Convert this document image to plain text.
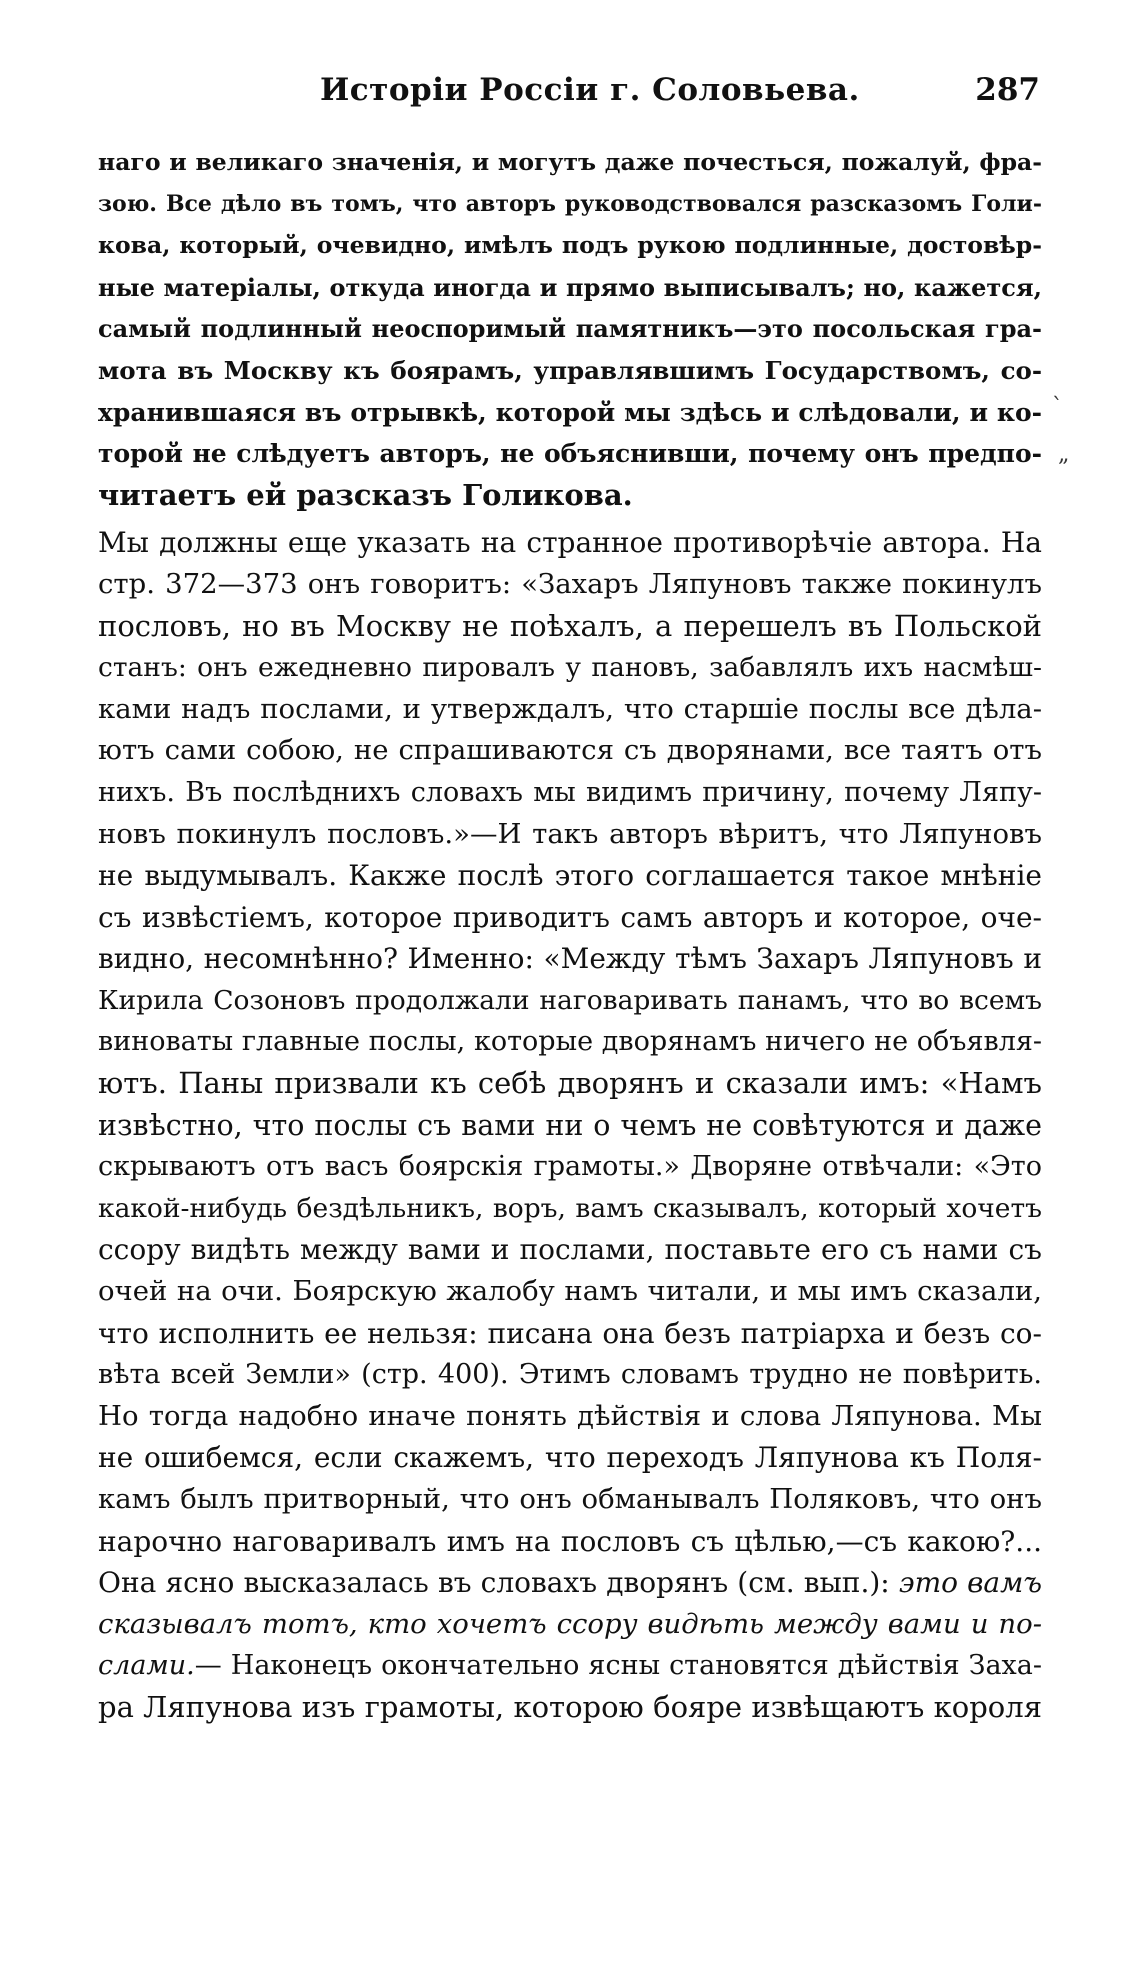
Исторіи Россіи г. Соловьева.	287
наго и великаго значенія, и могутъ даже почесться, пожалуй, фра-
зою. Все дѣло въ томъ, что авторъ руководствовался разсказомъ Голи-
кова, который, очевидно, имѣлъ подъ рукою подлинные, достовѣр-
ные матеріалы, откуда иногда и прямо выписывалъ; но, кажется,
самый подлинный неоспоримый памятникъ—это посольская гра-
мота въ Москву къ боярамъ, управлявшимъ Государствомъ, со-
хранившаяся въ отрывкѣ, которой мы здѣсь и слѣдовали, и ко-
торой не слѣдуетъ авторъ, не объяснивши, почему онъ предпо-
читаетъ ей разсказъ Голикова.
Мы должны еще указать на странное противорѣчіе автора. На
стр. 372—373 онъ говоритъ: «Захаръ Ляпуновъ также покинулъ
пословъ, но въ Москву не поѣхалъ, а перешелъ въ Польской
станъ: онъ ежедневно пировалъ у пановъ, забавлялъ ихъ насмѣш-
ками надъ послами, и утверждалъ, что старшіе послы все дѣла-
ютъ сами собою, не спрашиваются съ дворянами, все таятъ отъ
нихъ. Въ послѣднихъ словахъ мы видимъ причину, почему Ляпу-
новъ покинулъ пословъ.»—И такъ авторъ вѣритъ, что Ляпуновъ
не выдумывалъ. Какже послѣ этого соглашается такое мнѣніе
съ извѣстіемъ, которое приводитъ самъ авторъ и которое, оче-
видно, несомнѣнно? Именно: «Между тѣмъ Захаръ Ляпуновъ и
Кирила Созоновъ продолжали наговаривать панамъ, что во всемъ
виноваты главные послы, которые дворянамъ ничего не объявля-
ютъ. Паны призвали къ себѣ дворянъ и сказали имъ: «Намъ
извѣстно, что послы съ вами ни о чемъ не совѣтуются и даже
скрываютъ отъ васъ боярскія грамоты.» Дворяне отвѣчали: «Это
какой-нибудь бездѣльникъ, воръ, вамъ сказывалъ, который хочетъ
ссору видѣть между вами и послами, поставьте его съ нами съ
очей на очи. Боярскую жалобу намъ читали, и мы имъ сказали,
что исполнить ее нельзя: писана она безъ патріарха и безъ со-
вѣта всей Земли» (стр. 400). Этимъ словамъ трудно не повѣрить.
Но тогда надобно иначе понять дѣйствія и слова Ляпунова. Мы
не ошибемся, если скажемъ, что переходъ Ляпунова къ Поля-
камъ былъ притворный, что онъ обманывалъ Поляковъ, что онъ
нарочно наговаривалъ имъ на пословъ съ цѣлью,—съ какою?...
Она ясно высказалась въ словахъ дворянъ (см. вып.): это вамъ
сказывалъ тотъ, кто хочетъ ссору видѣть между вами и по-
слами.— Наконецъ окончательно ясны становятся дѣйствія Заха-
ра Ляпунова изъ грамоты, которою бояре извѣщаютъ короля
`
„
